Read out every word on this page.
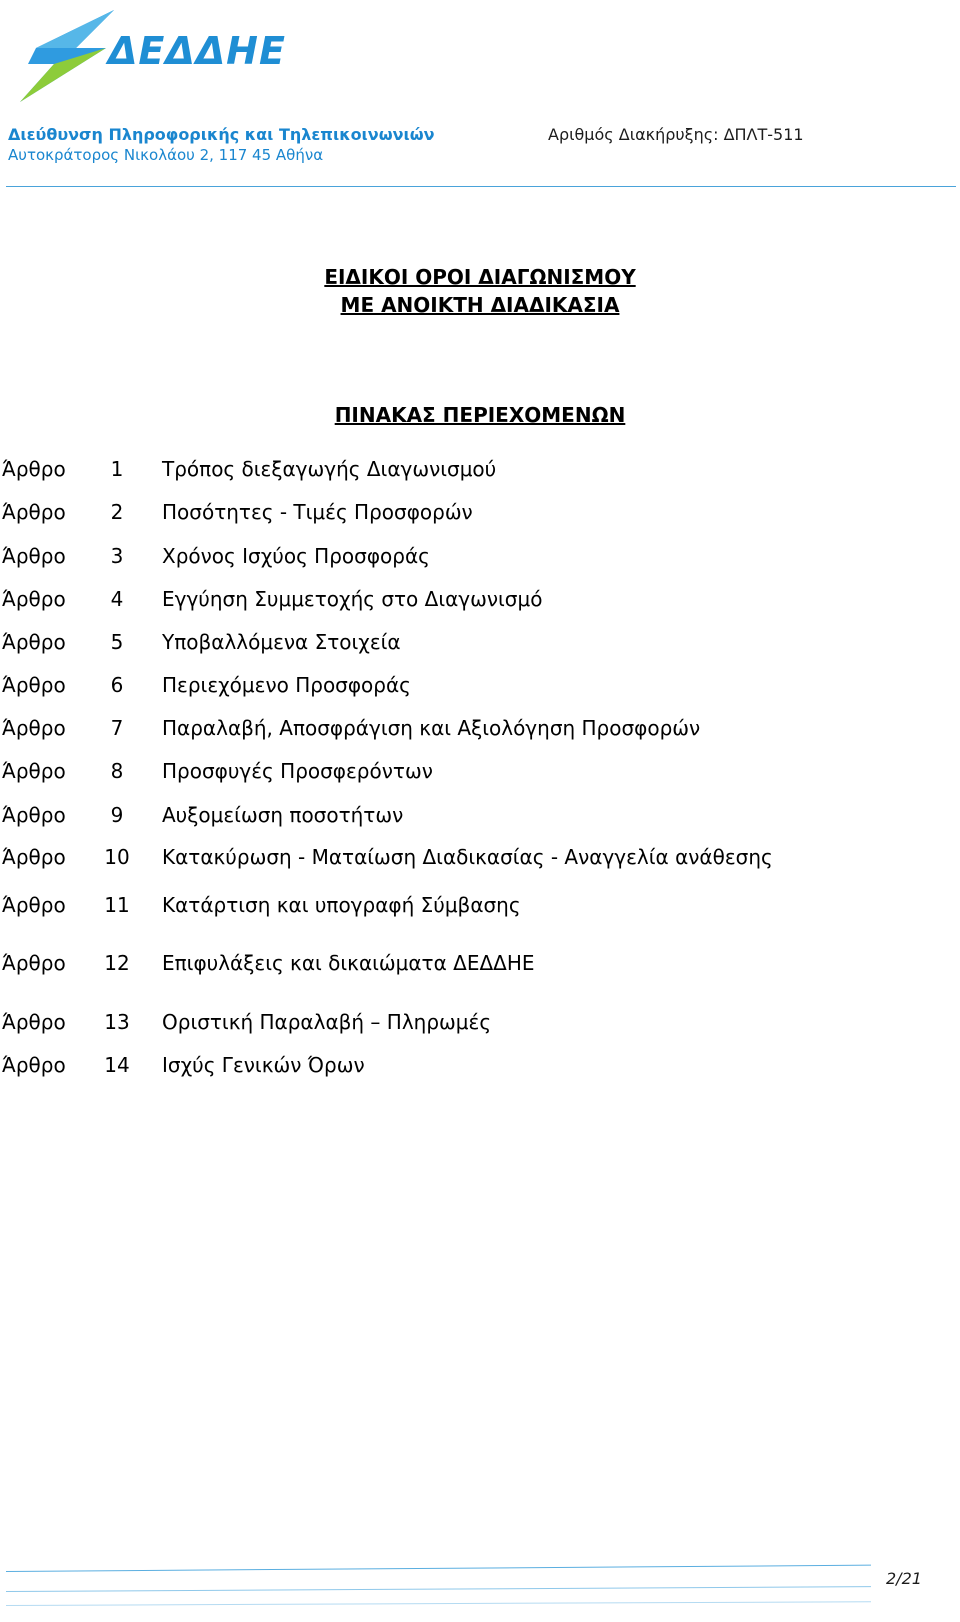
ΔΕΔΔΗΕ
Διεύθυνση Πληροφορικής και Τηλεπικοινωνιών
Αυτοκράτορος Νικολάου 2, 117 45 Αθήνα
Αριθμός Διακήρυξης: ΔΠΛΤ-511
ΕΙΔΙΚΟΙ ΟΡΟΙ ΔΙΑΓΩΝΙΣΜΟΥ
ΜΕ ΑΝΟΙΚΤΗ ΔΙΑΔΙΚΑΣΙΑ
ΠΙΝΑΚΑΣ ΠΕΡΙΕΧΟΜΕΝΩΝ
Άρθρο	1	Τρόπος διεξαγωγής Διαγωνισμού
Άρθρο	2	Ποσότητες - Τιμές Προσφορών
Άρθρο	3	Χρόνος Ισχύος Προσφοράς
Άρθρο	4	Εγγύηση Συμμετοχής στο Διαγωνισμό
Άρθρο	5	Υποβαλλόμενα Στοιχεία
Άρθρο	6	Περιεχόμενο Προσφοράς
Άρθρο	7	Παραλαβή, Αποσφράγιση και Αξιολόγηση Προσφορών
Άρθρο	8	Προσφυγές Προσφερόντων
Άρθρο	9	Αυξομείωση ποσοτήτων
Άρθρο 10 Κατακύρωση - Ματαίωση Διαδικασίας - Αναγγελία ανάθεσης
Άρθρο 11 Κατάρτιση και υπογραφή Σύμβασης
Άρθρο 12 Επιφυλάξεις και δικαιώματα ΔΕΔΔΗΕ
Άρθρο 13 Οριστική Παραλαβή – Πληρωμές
Άρθρο 14 Ισχύς Γενικών Όρων
2/21
